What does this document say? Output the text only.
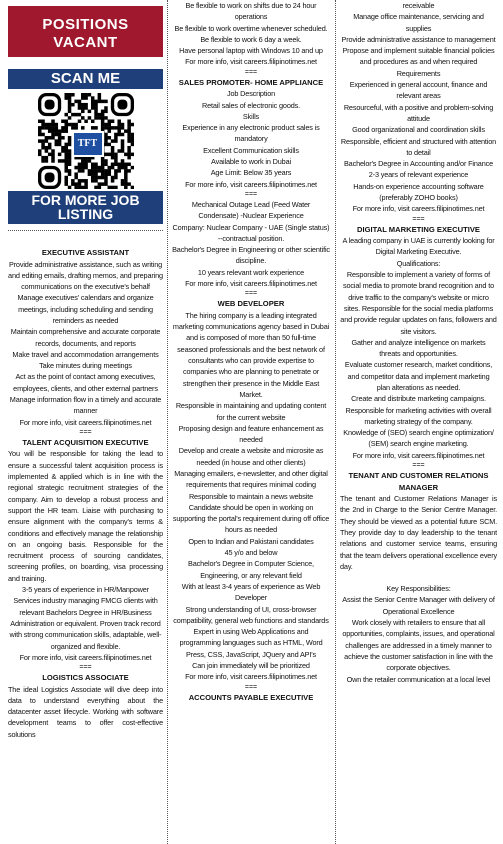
POSITIONS
VACANT
SCAN ME
TFT
FOR MORE JOB
LISTING

EXECUTIVE ASSISTANT

Provide administrative assistance, such as writing and editing emails, drafting memos, and preparing communications on the executive's behalf

Manage executives' calendars and organize meetings, including scheduling and sending reminders as needed

Maintain comprehensive and accurate corporate records, documents, and reports

Make travel and accommodation arrangements

Take minutes during meetings

Act as the point of contact among executives, employees, clients, and other external partners

Manage information flow in a timely and accurate manner

For more info, visit careers.filipinotimes.net

===

TALENT ACQUISITION EXECUTIVE

You will be responsible for taking the lead to ensure a successful talent acquisition process is implemented & applied which is in line with the regional strategic recruitment strategies of the company. Aim to develop a robust process and support the HR team. Liaise with purchasing to ensure alignment with the company's terms & conditions and effectively manage the relationship on an ongoing basis. Responsible for the recruitment process of sourcing candidates, screening profiles, on boarding, visa processing and training.

3-5 years of experience in HR/Manpower Services industry managing FMCG clients with relevant Bachelors Degree in HR/Business Administration or equivalent. Proven track record with strong communication skills, adaptable, well-organized and flexible.

For more info, visit careers.filipinotimes.net

===

LOGISTICS ASSOCIATE

The ideal Logistics Associate will dive deep into data to understand everything about the datacenter asset lifecycle. Working with software development teams to offer cost-effective solutions

Be flexible to work on shifts due to 24 hour operations

Be flexible to work overtime whenever scheduled.

Be flexible to work 6 day a week.

Have personal laptop with Windows 10 and up

For more info, visit careers.filipinotimes.net

===

SALES PROMOTER- HOME APPLIANCE

Job Description

Retail sales of electronic goods.

Skills

Experience in any electronic product sales is mandatory

Excellent Communication skills

Available to work in Dubai

Age Limit: Below 35 years

For more info, visit careers.filipinotimes.net

===

Mechanical Outage Lead (Feed Water Condensate) -Nuclear Experience

Company: Nuclear Company - UAE (Single status) --contractual position.

Bachelor's Degree in Engineering or other scientific discipline.

10 years relevant work experience

For more info, visit careers.filipinotimes.net

===

WEB DEVELOPER

The hiring company is a leading integrated marketing communications agency based in Dubai and is composed of more than 50 full-time seasoned professionals and the best network of consultants who can provide expertise to companies who are planning to penetrate or strengthen their presence in the Middle East Market.

Responsible in maintaining and updating content for the current website

Proposing design and feature enhancement as needed

Develop and create a website and microsite as needed (in house and other clients)

Managing emailers, e-newsletter, and other digital requirements that requires minimal coding

Responsible to maintain a news website

Candidate should be open in working on supporting the portal's requirement during off office hours as needed

Open to Indian and Pakistani candidates

45 y/o and below

Bachelor's Degree in Computer Science, Engineering, or any relevant field

With at least 3-4 years of experience as Web Developer

Strong understanding of UI, cross-browser compatibility, general web functions and standards

Expert in using Web Applications and programming languages such as HTML, Word Press, CSS, JavaScript, JQuery and API's

Can join immediately will be prioritized

For more info, visit careers.filipinotimes.net

===

ACCOUNTS PAYABLE EXECUTIVE

receivable

Manage office maintenance, servicing and supplies

Provide administrative assistance to management

Propose and implement suitable financial policies and procedures as and when required

Requirements

Experienced in general account, finance and relevant areas

Resourceful, with a positive and problem-solving attitude

Good organizational and coordination skills

Responsible, efficient and structured with attention to detail

Bachelor's Degree in Accounting and/or Finance

2-3 years of relevant experience

Hands-on experience accounting software (preferably ZOHO books)

For more info, visit careers.filipinotimes.net

===

DIGITAL MARKETING EXECUTIVE

A leading company in UAE is currently looking for Digital Marketing Executive.

Qualifications:

Responsible to implement a variety of forms of social media to promote brand recognition and to drive traffic to the company's website or micro sites. Responsible for the social media platforms and provide regular updates on fans, followers and site visitors.

Gather and analyze intelligence on markets threats and opportunities.

Evaluate customer research, market conditions, and competitor data and implement marketing plan alterations as needed.

Create and distribute marketing campaigns.

Responsible for marketing activities with overall marketing strategy of the company.

Knowledge of (SEO) search engine optimization/ (SEM) search engine marketing.

For more info, visit careers.filipinotimes.net

===

TENANT AND CUSTOMER RELATIONS MANAGER

The tenant and Customer Relations Manager is the 2nd in Charge to the Senior Centre Manager. They should be viewed as a potential future SCM. They provide day to day leadership to the tenant relations and customer service teams, ensuring that the team delivers operational excellence every day.

Key Responsibilities:

Assist the Senior Centre Manager with delivery of Operational Excellence

Work closely with retailers to ensure that all opportunities, complaints, issues, and operational challenges are addressed in a timely manner to achieve the customer satisfaction in line with the corporate objectives.

Own the retailer communication at a local level
